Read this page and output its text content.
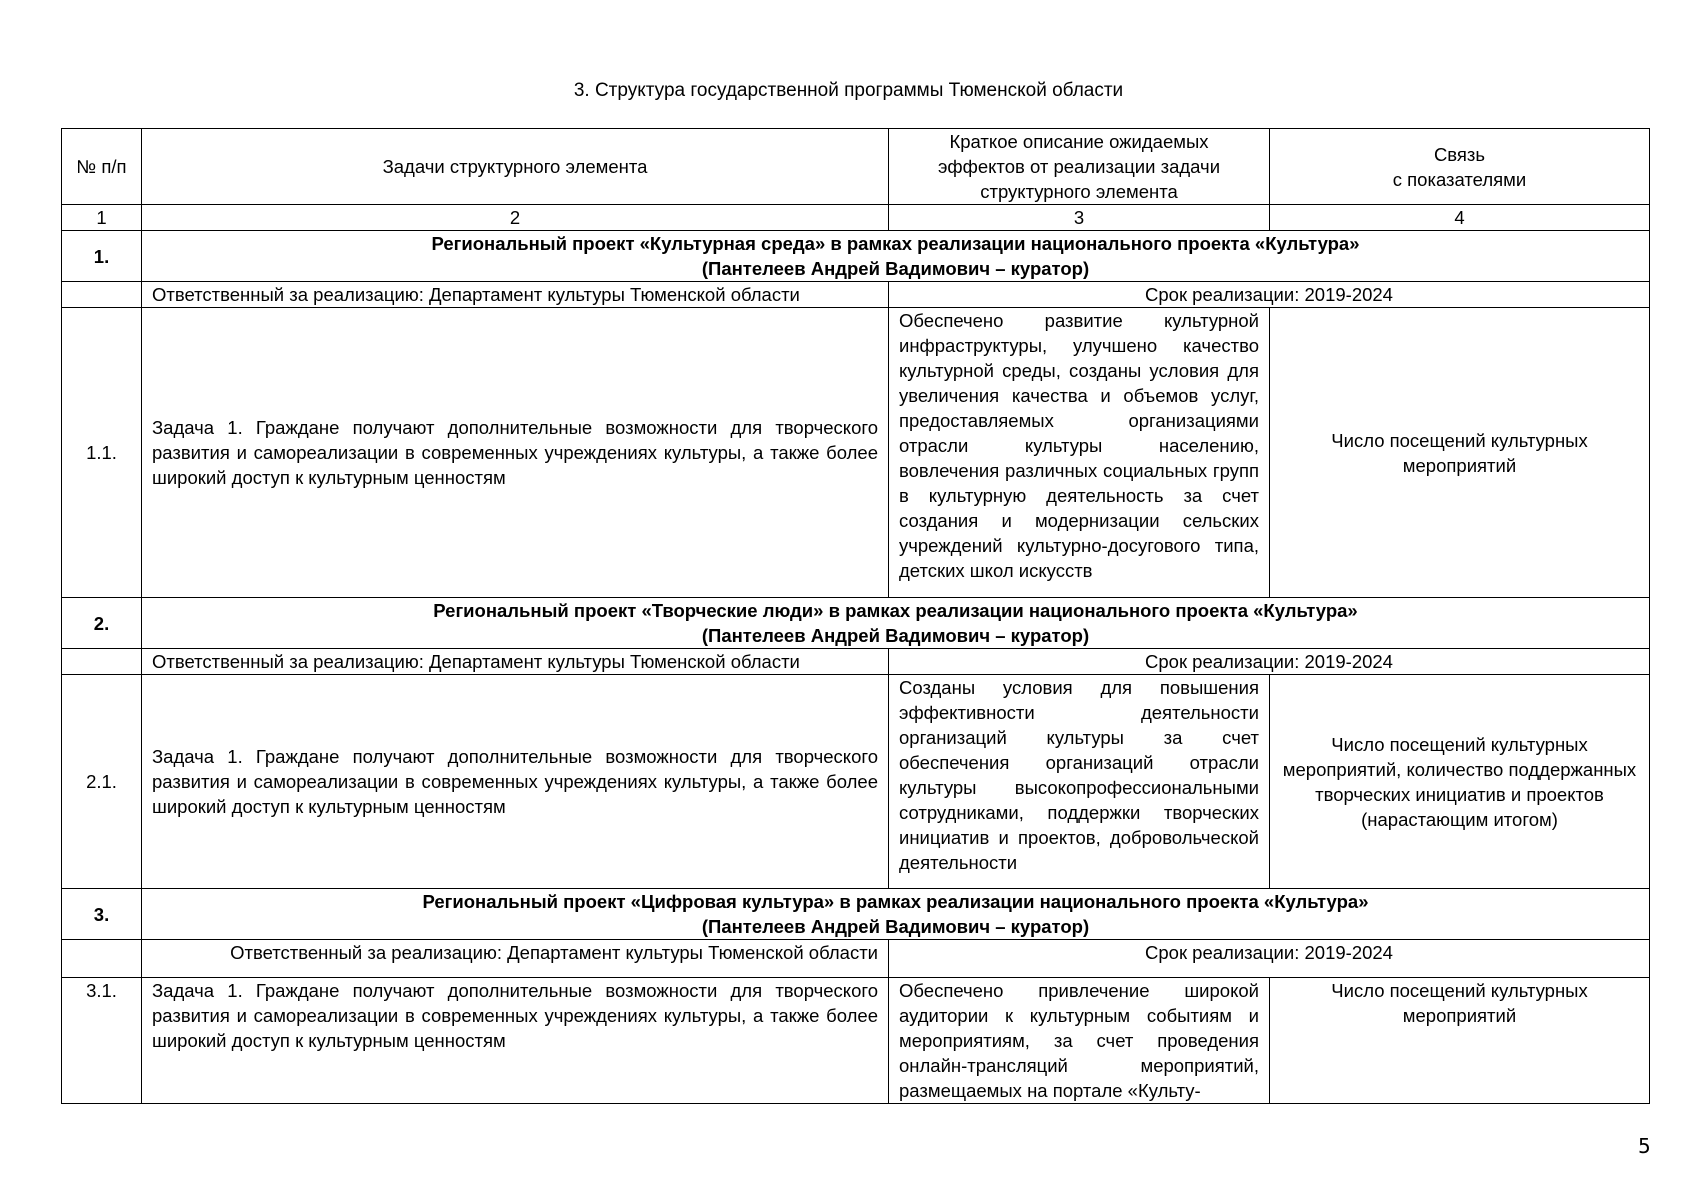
3. Структура государственной программы Тюменской области
№ п/п	Задачи структурного элемента	Краткое описание ожидаемых
эффектов от реализации задачи
структурного элемента	Связь
с показателями

1	2	3	4
1.	Региональный проект «Культурная среда» в рамках реализации национального проекта «Культура»
(Пантелеев Андрей Вадимович – куратор)		

	Ответственный за реализацию: Департамент культуры Тюменской области	Срок реализации: 2019-2024	
1.1.	Задача 1. Граждане получают дополнительные возможности для творческого развития и самореализации в современных учреждениях культуры, а также более широкий доступ к культурным ценностям	Обеспечено развитие культурной инфраструктуры, улучшено качество культурной среды, созданы условия для увеличения качества и объемов услуг, предоставляемых организациями отрасли культуры населению, вовлечения различных социальных групп в культурную деятельность за счет создания и модернизации сельских учреждений культурно-досугового типа, детских школ искусств	Число посещений культурных мероприятий
2.	Региональный проект «Творческие люди» в рамках реализации национального проекта «Культура»
(Пантелеев Андрей Вадимович – куратор)		

	Ответственный за реализацию: Департамент культуры Тюменской области	Срок реализации: 2019-2024	
2.1.	Задача 1. Граждане получают дополнительные возможности для творческого развития и самореализации в современных учреждениях культуры, а также более широкий доступ к культурным ценностям	Созданы условия для повышения эффективности деятельности организаций культуры за счет обеспечения организаций отрасли культуры высокопрофессиональными сотрудниками, поддержки творческих инициатив и проектов, добровольческой деятельности	Число посещений культурных мероприятий, количество поддержанных творческих инициатив и проектов (нарастающим итогом)
3.	Региональный проект «Цифровая культура» в рамках реализации национального проекта «Культура»
(Пантелеев Андрей Вадимович – куратор)		

	Ответственный за реализацию: Департамент культуры Тюменской области	Срок реализации: 2019-2024	
3.1.	Задача 1. Граждане получают дополнительные возможности для творческого развития и самореализации в современных учреждениях культуры, а также более широкий доступ к культурным ценностям	Обеспечено привлечение широкой аудитории к культурным событиям и мероприятиям, за счет проведения онлайн-трансляций мероприятий, размещаемых на портале «Культу-	Число посещений культурных мероприятий
5
